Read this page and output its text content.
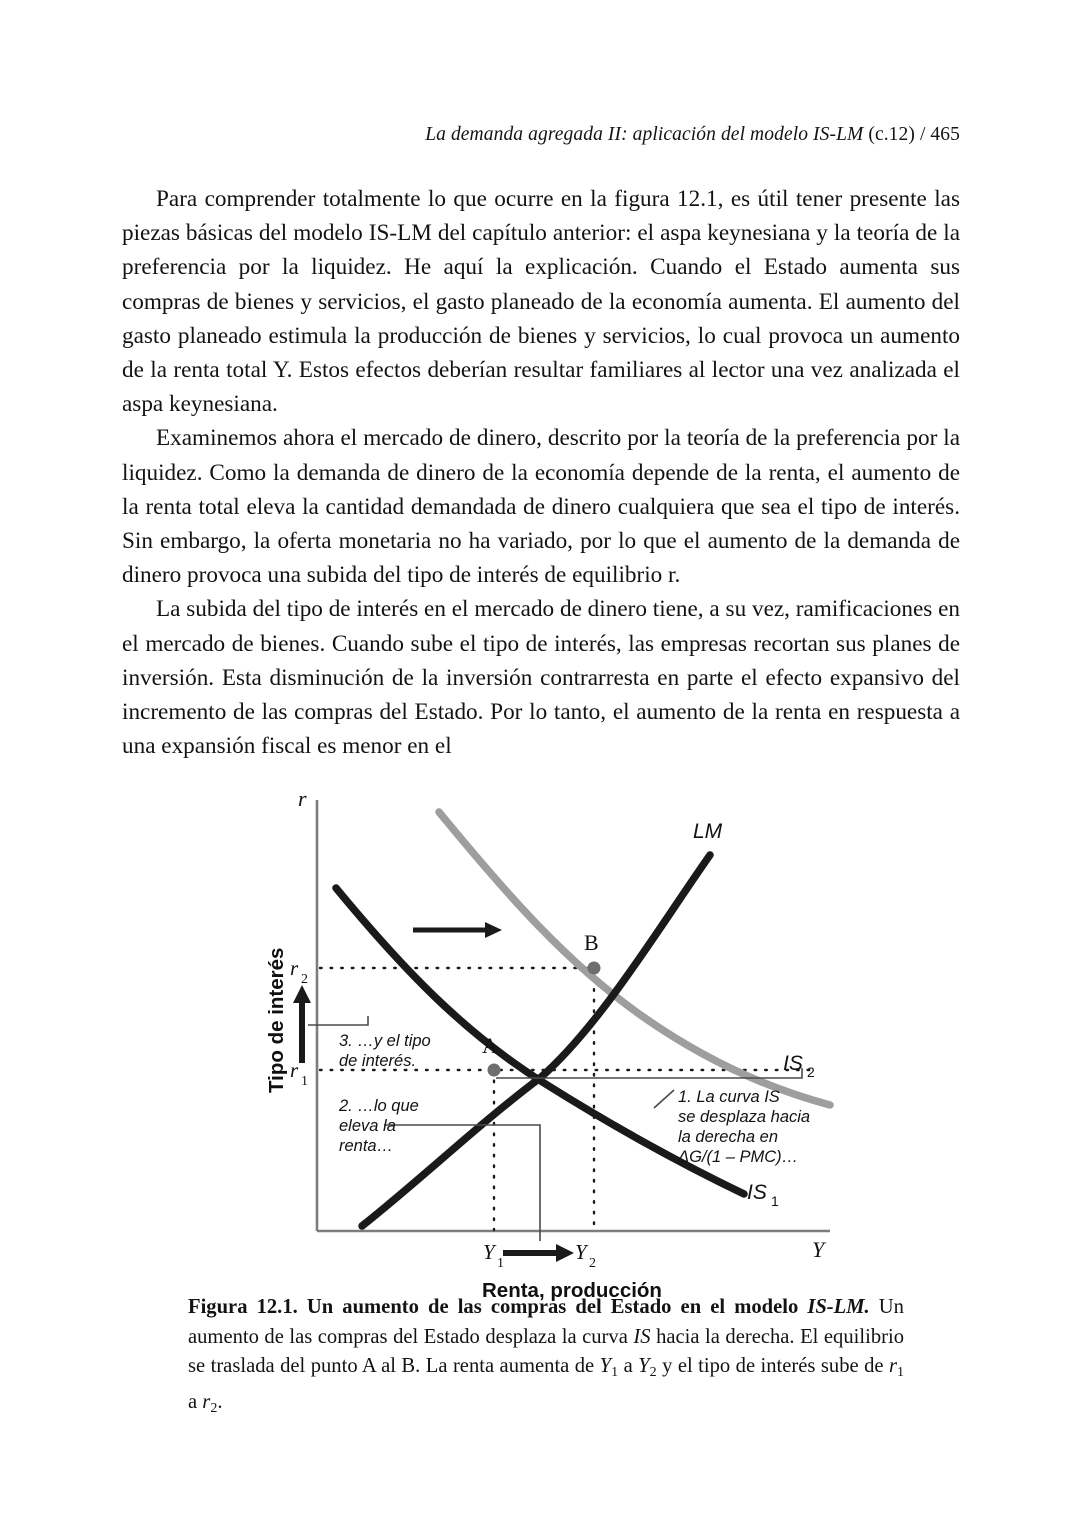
La demanda agregada II: aplicación del modelo IS-LM (c.12) / 465

Para comprender totalmente lo que ocurre en la figura 12.1, es útil tener presente las piezas básicas del modelo IS-LM del capítulo anterior: el aspa keynesiana y la teoría de la preferencia por la liquidez. He aquí la explicación. Cuando el Estado aumenta sus compras de bienes y servicios, el gasto planeado de la economía aumenta. El aumento del gasto planeado estimula la producción de bienes y servicios, lo cual provoca un aumento de la renta total Y. Estos efectos deberían resultar familiares al lector una vez analizada el aspa keynesiana.

Examinemos ahora el mercado de dinero, descrito por la teoría de la preferencia por la liquidez. Como la demanda de dinero de la economía depende de la renta, el aumento de la renta total eleva la cantidad demandada de dinero cualquiera que sea el tipo de interés. Sin embargo, la oferta monetaria no ha variado, por lo que el aumento de la demanda de dinero provoca una subida del tipo de interés de equilibrio r.

La subida del tipo de interés en el mercado de dinero tiene, a su vez, ramificaciones en el mercado de bienes. Cuando sube el tipo de interés, las empresas recortan sus planes de inversión. Esta disminución de la inversión contrarresta en parte el efecto expansivo del incremento de las compras del Estado. Por lo tanto, el aumento de la renta en respuesta a una expansión fiscal es menor en el

r
Y
Tipo de interés
Renta, producción
A
B
LM
IS 2
IS 1
r 2
r 1
Y 1	Y 2
3. …y el tipo
de interés.
2. …lo que
eleva la
renta…
1. La curva IS
se desplaza hacia
la derecha en
ΔG/(1 – PMC)…
Figura 12.1. Un aumento de las compras del Estado en el modelo IS-LM. Un aumento de las compras del Estado desplaza la curva IS hacia la derecha. El equilibrio se traslada del punto A al B. La renta aumenta de $Y_1$ a $Y_2$ y el tipo de interés sube de $r_1$ a $r_2$.
